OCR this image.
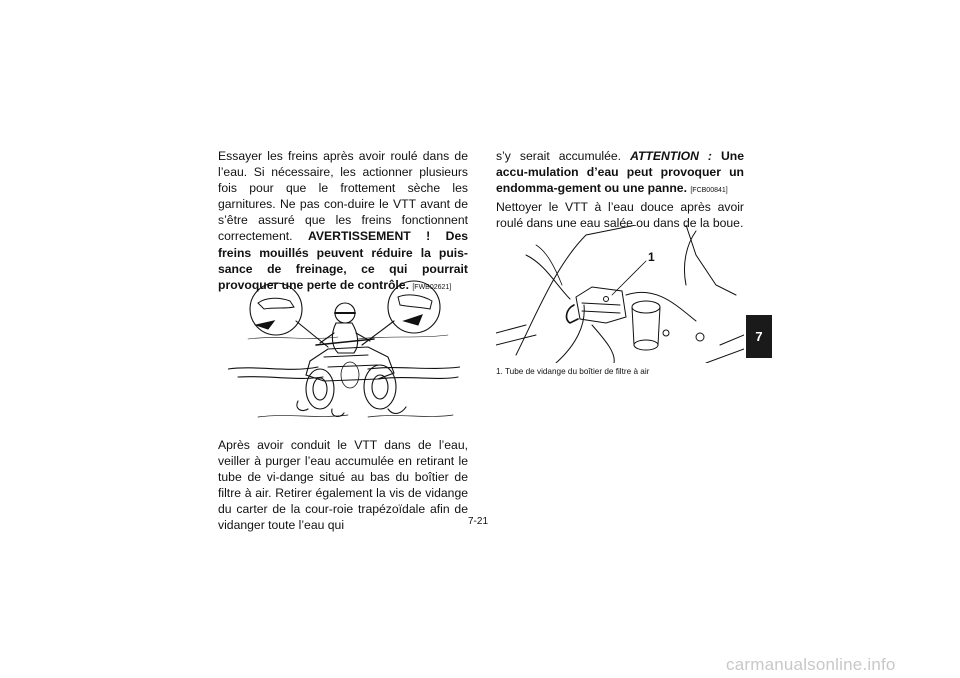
Essayer les freins après avoir roulé dans de l’eau. Si nécessaire, les actionner plusieurs fois pour que le frottement sèche les garnitures. Ne pas con-duire le VTT avant de s’être assuré que les freins fonctionnent correctement. AVERTISSEMENT ! Des freins mouillés peuvent réduire la puis-sance de freinage, ce qui pourrait provoquer une perte de contrôle. [FWB02621]

Après avoir conduit le VTT dans de l’eau, veiller à purger l’eau accumulée en retirant le tube de vi-dange situé au bas du boîtier de filtre à air. Retirer également la vis de vidange du carter de la cour-roie trapézoïdale afin de vidanger toute l’eau qui

s’y serait accumulée. ATTENTION : Une accu-mulation d’eau peut provoquer un endomma-gement ou une panne. [FCB00841]

Nettoyer le VTT à l’eau douce après avoir roulé dans une eau salée ou dans de la boue.

1
1. Tube de vidange du boîtier de filtre à air
7
7-21
carmanualsonline.info
